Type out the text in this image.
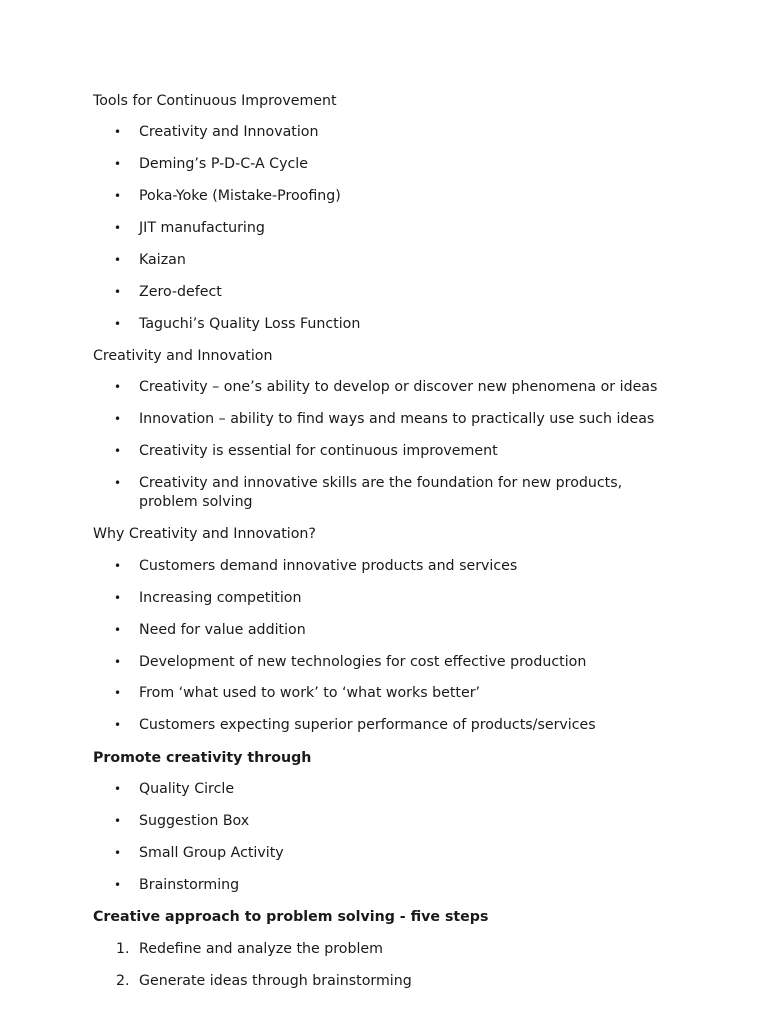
Tools for Continuous Improvement
• Creativity and Innovation
• Deming’s P-D-C-A Cycle
• Poka-Yoke (Mistake-Proofing)
• JIT manufacturing
• Kaizan
• Zero-defect
• Taguchi’s Quality Loss Function
Creativity and Innovation
• Creativity – one’s ability to develop or discover new phenomena or ideas
• Innovation – ability to find ways and means to practically use such ideas
• Creativity is essential for continuous improvement
• Creativity and innovative skills are the foundation for new products, problem solving
Why Creativity and Innovation?
• Customers demand innovative products and services
• Increasing competition
• Need for value addition
• Development of new technologies for cost effective production
• From ‘what used to work’ to ‘what works better’
• Customers expecting superior performance of products/services
Promote creativity through
• Quality Circle
• Suggestion Box
• Small Group Activity
• Brainstorming
Creative approach to problem solving - five steps
1. Redefine and analyze the problem
2. Generate ideas through brainstorming
